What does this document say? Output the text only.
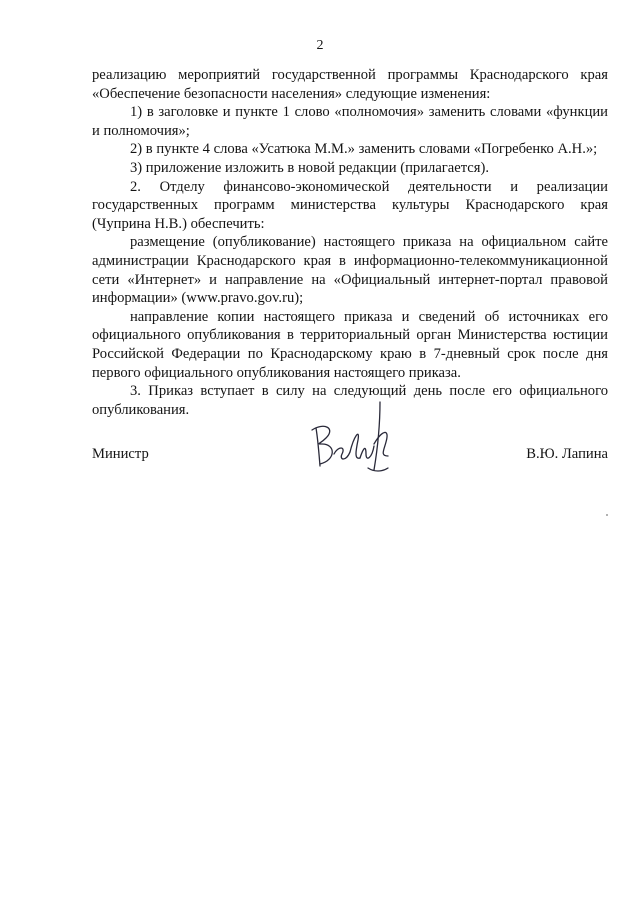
2

реализацию мероприятий государственной программы Краснодарского края «Обеспечение безопасности населения» следующие изменения:

1) в заголовке и пункте 1 слово «полномочия» заменить словами «функции и полномочия»;

2) в пункте 4 слова «Усатюка М.М.» заменить словами «Погребенко А.Н.»;

3) приложение изложить в новой редакции (прилагается).

2. Отделу финансово-экономической деятельности и реализации государственных программ министерства культуры Краснодарского края (Чуприна Н.В.) обеспечить:

размещение (опубликование) настоящего приказа на официальном сайте администрации Краснодарского края в информационно-телекоммуникационной сети «Интернет» и направление на «Официальный интернет-портал правовой информации» (www.pravo.gov.ru);

направление копии настоящего приказа и сведений об источниках его официального опубликования в территориальный орган Министерства юстиции Российской Федерации по Краснодарскому краю в 7-дневный срок после дня первого официального опубликования настоящего приказа.

3. Приказ вступает в силу на следующий день после его официального опубликования.

Министр	В.Ю. Лапина
